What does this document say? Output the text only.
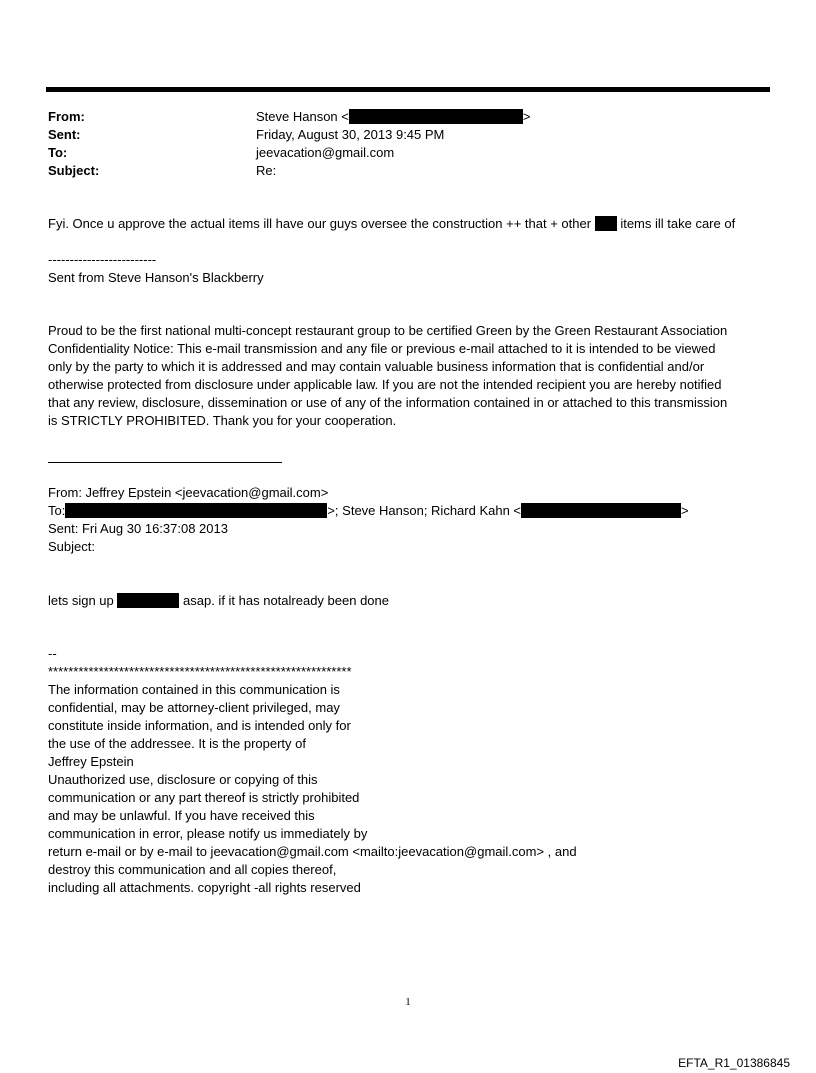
From:	Steve Hanson <	>
Sent:	Friday, August 30, 2013 9:45 PM
To:	jeevacation@gmail.com
Subject:	Re:
Fyi. Once u approve the actual items ill have our guys oversee the construction ++ that + other items ill take care of
-------------------------
Sent from Steve Hanson's Blackberry
Proud to be the first national multi-concept restaurant group to be certified Green by the Green Restaurant Association
Confidentiality Notice: This e-mail transmission and any file or previous e-mail attached to it is intended to be viewed
only by the party to which it is addressed and may contain valuable business information that is confidential and/or
otherwise protected from disclosure under applicable law. If you are not the intended recipient you are hereby notified
that any review, disclosure, dissemination or use of any of the information contained in or attached to this transmission
is STRICTLY PROHIBITED. Thank you for your cooperation.
From: Jeffrey Epstein <jeevacation@gmail.com>
To:	>; Steve Hanson; Richard Kahn <	>
Sent: Fri Aug 30 16:37:08 2013
Subject:
lets sign up	asap. if it has notalready been done
--
************************************************************
The information contained in this communication is
confidential, may be attorney-client privileged, may
constitute inside information, and is intended only for
the use of the addressee. It is the property of
Jeffrey Epstein
Unauthorized use, disclosure or copying of this
communication or any part thereof is strictly prohibited
and may be unlawful. If you have received this
communication in error, please notify us immediately by
return e-mail or by e-mail to jeevacation@gmail.com <mailto:jeevacation@gmail.com> , and
destroy this communication and all copies thereof,
including all attachments. copyright -all rights reserved
1
EFTA_R1_01386845
